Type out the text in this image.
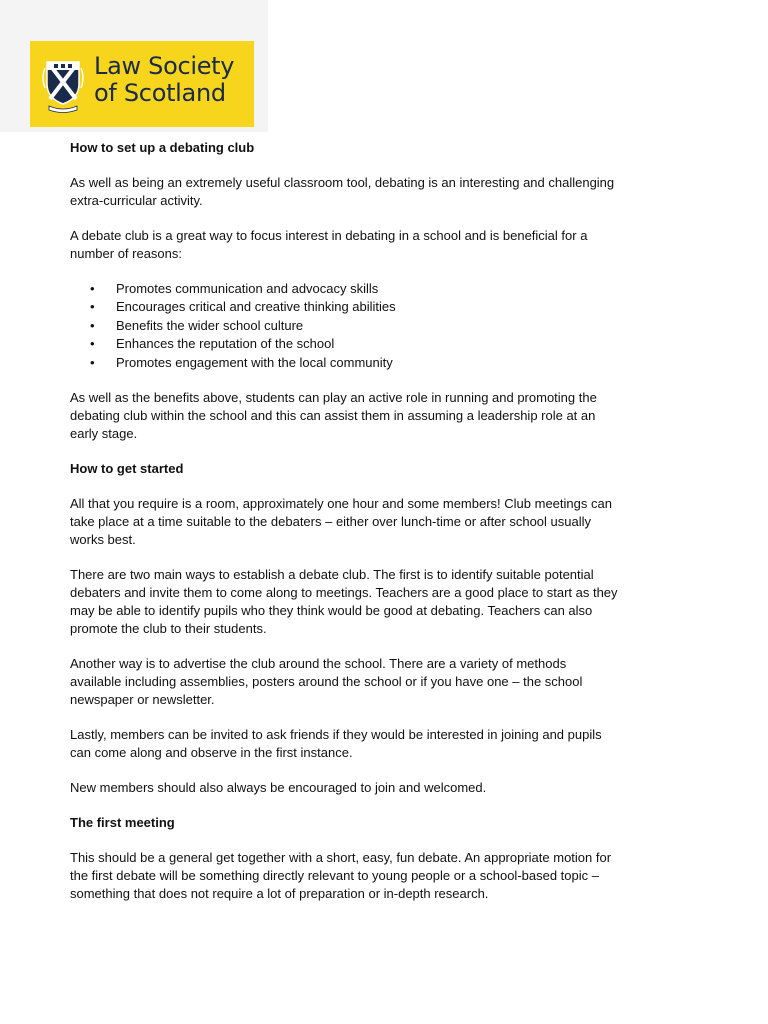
Law Society
of Scotland
How to set up a debating club

As well as being an extremely useful classroom tool, debating is an interesting and challenging extra-curricular activity.

A debate club is a great way to focus interest in debating in a school and is beneficial for a number of reasons:

• Promotes communication and advocacy skills
• Encourages critical and creative thinking abilities
• Benefits the wider school culture
• Enhances the reputation of the school
• Promotes engagement with the local community

As well as the benefits above, students can play an active role in running and promoting the debating club within the school and this can assist them in assuming a leadership role at an early stage.

How to get started

All that you require is a room, approximately one hour and some members! Club meetings can take place at a time suitable to the debaters – either over lunch-time or after school usually works best.

There are two main ways to establish a debate club. The first is to identify suitable potential debaters and invite them to come along to meetings. Teachers are a good place to start as they may be able to identify pupils who they think would be good at debating. Teachers can also promote the club to their students.

Another way is to advertise the club around the school. There are a variety of methods available including assemblies, posters around the school or if you have one – the school newspaper or newsletter.

Lastly, members can be invited to ask friends if they would be interested in joining and pupils can come along and observe in the first instance.

New members should also always be encouraged to join and welcomed.

The first meeting

This should be a general get together with a short, easy, fun debate. An appropriate motion for the first debate will be something directly relevant to young people or a school-based topic – something that does not require a lot of preparation or in-depth research.
